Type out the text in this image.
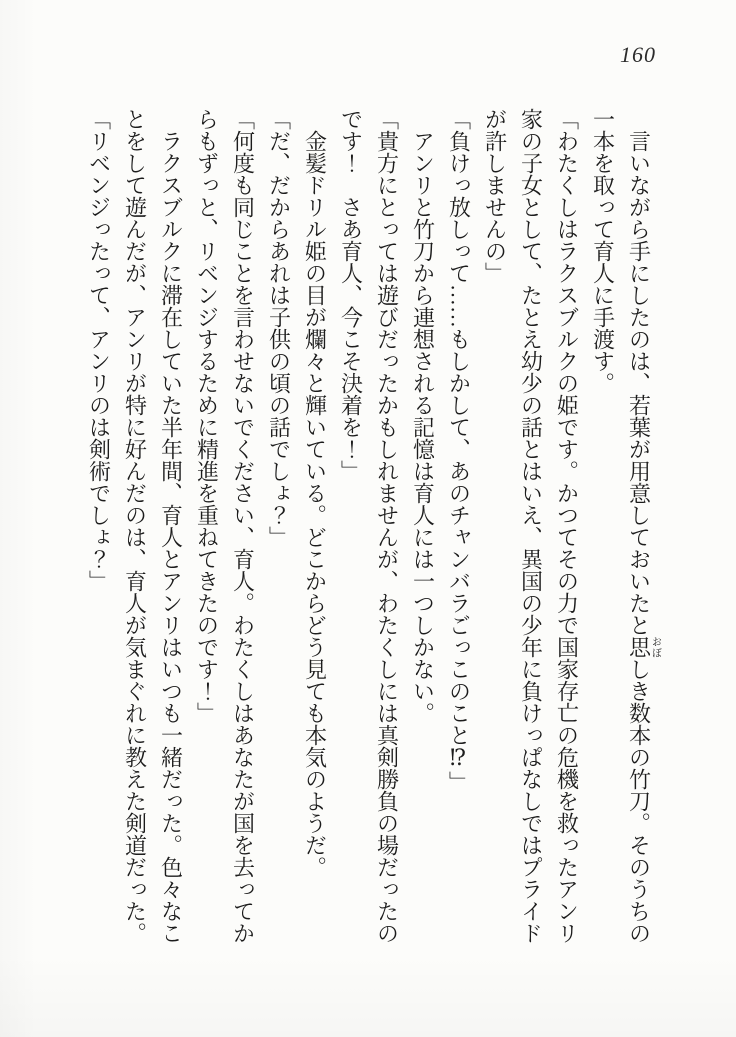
160
　言いながら手にしたのは、若葉が用意しておいたと思おぼしき数本の竹刀。そのうちの
一本を取って育人に手渡す。
「わたくしはラクスブルクの姫です。かつてその力で国家存亡の危機を救ったアンリ
家の子女として、たとえ幼少の話とはいえ、異国の少年に負けっぱなしではプライド
が許しませんの」
「負けっ放しって……もしかして、あのチャンバラごっこのこと⁉」
　アンリと竹刀から連想される記憶は育人には一つしかない。
「貴方にとっては遊びだったかもしれませんが、わたくしには真剣勝負の場だったの
です！　さあ育人、今こそ決着を！」
　金髪ドリル姫の目が爛々と輝いている。どこからどう見ても本気のようだ。
「だ、だからあれは子供の頃の話でしょ？」
「何度も同じことを言わせないでください、育人。わたくしはあなたが国を去ってか
らもずっと、リベンジするために精進を重ねてきたのです！」
　ラクスブルクに滞在していた半年間、育人とアンリはいつも一緒だった。色々なこ
とをして遊んだが、アンリが特に好んだのは、育人が気まぐれに教えた剣道だった。
「リベンジったって、アンリのは剣術でしょ？」
